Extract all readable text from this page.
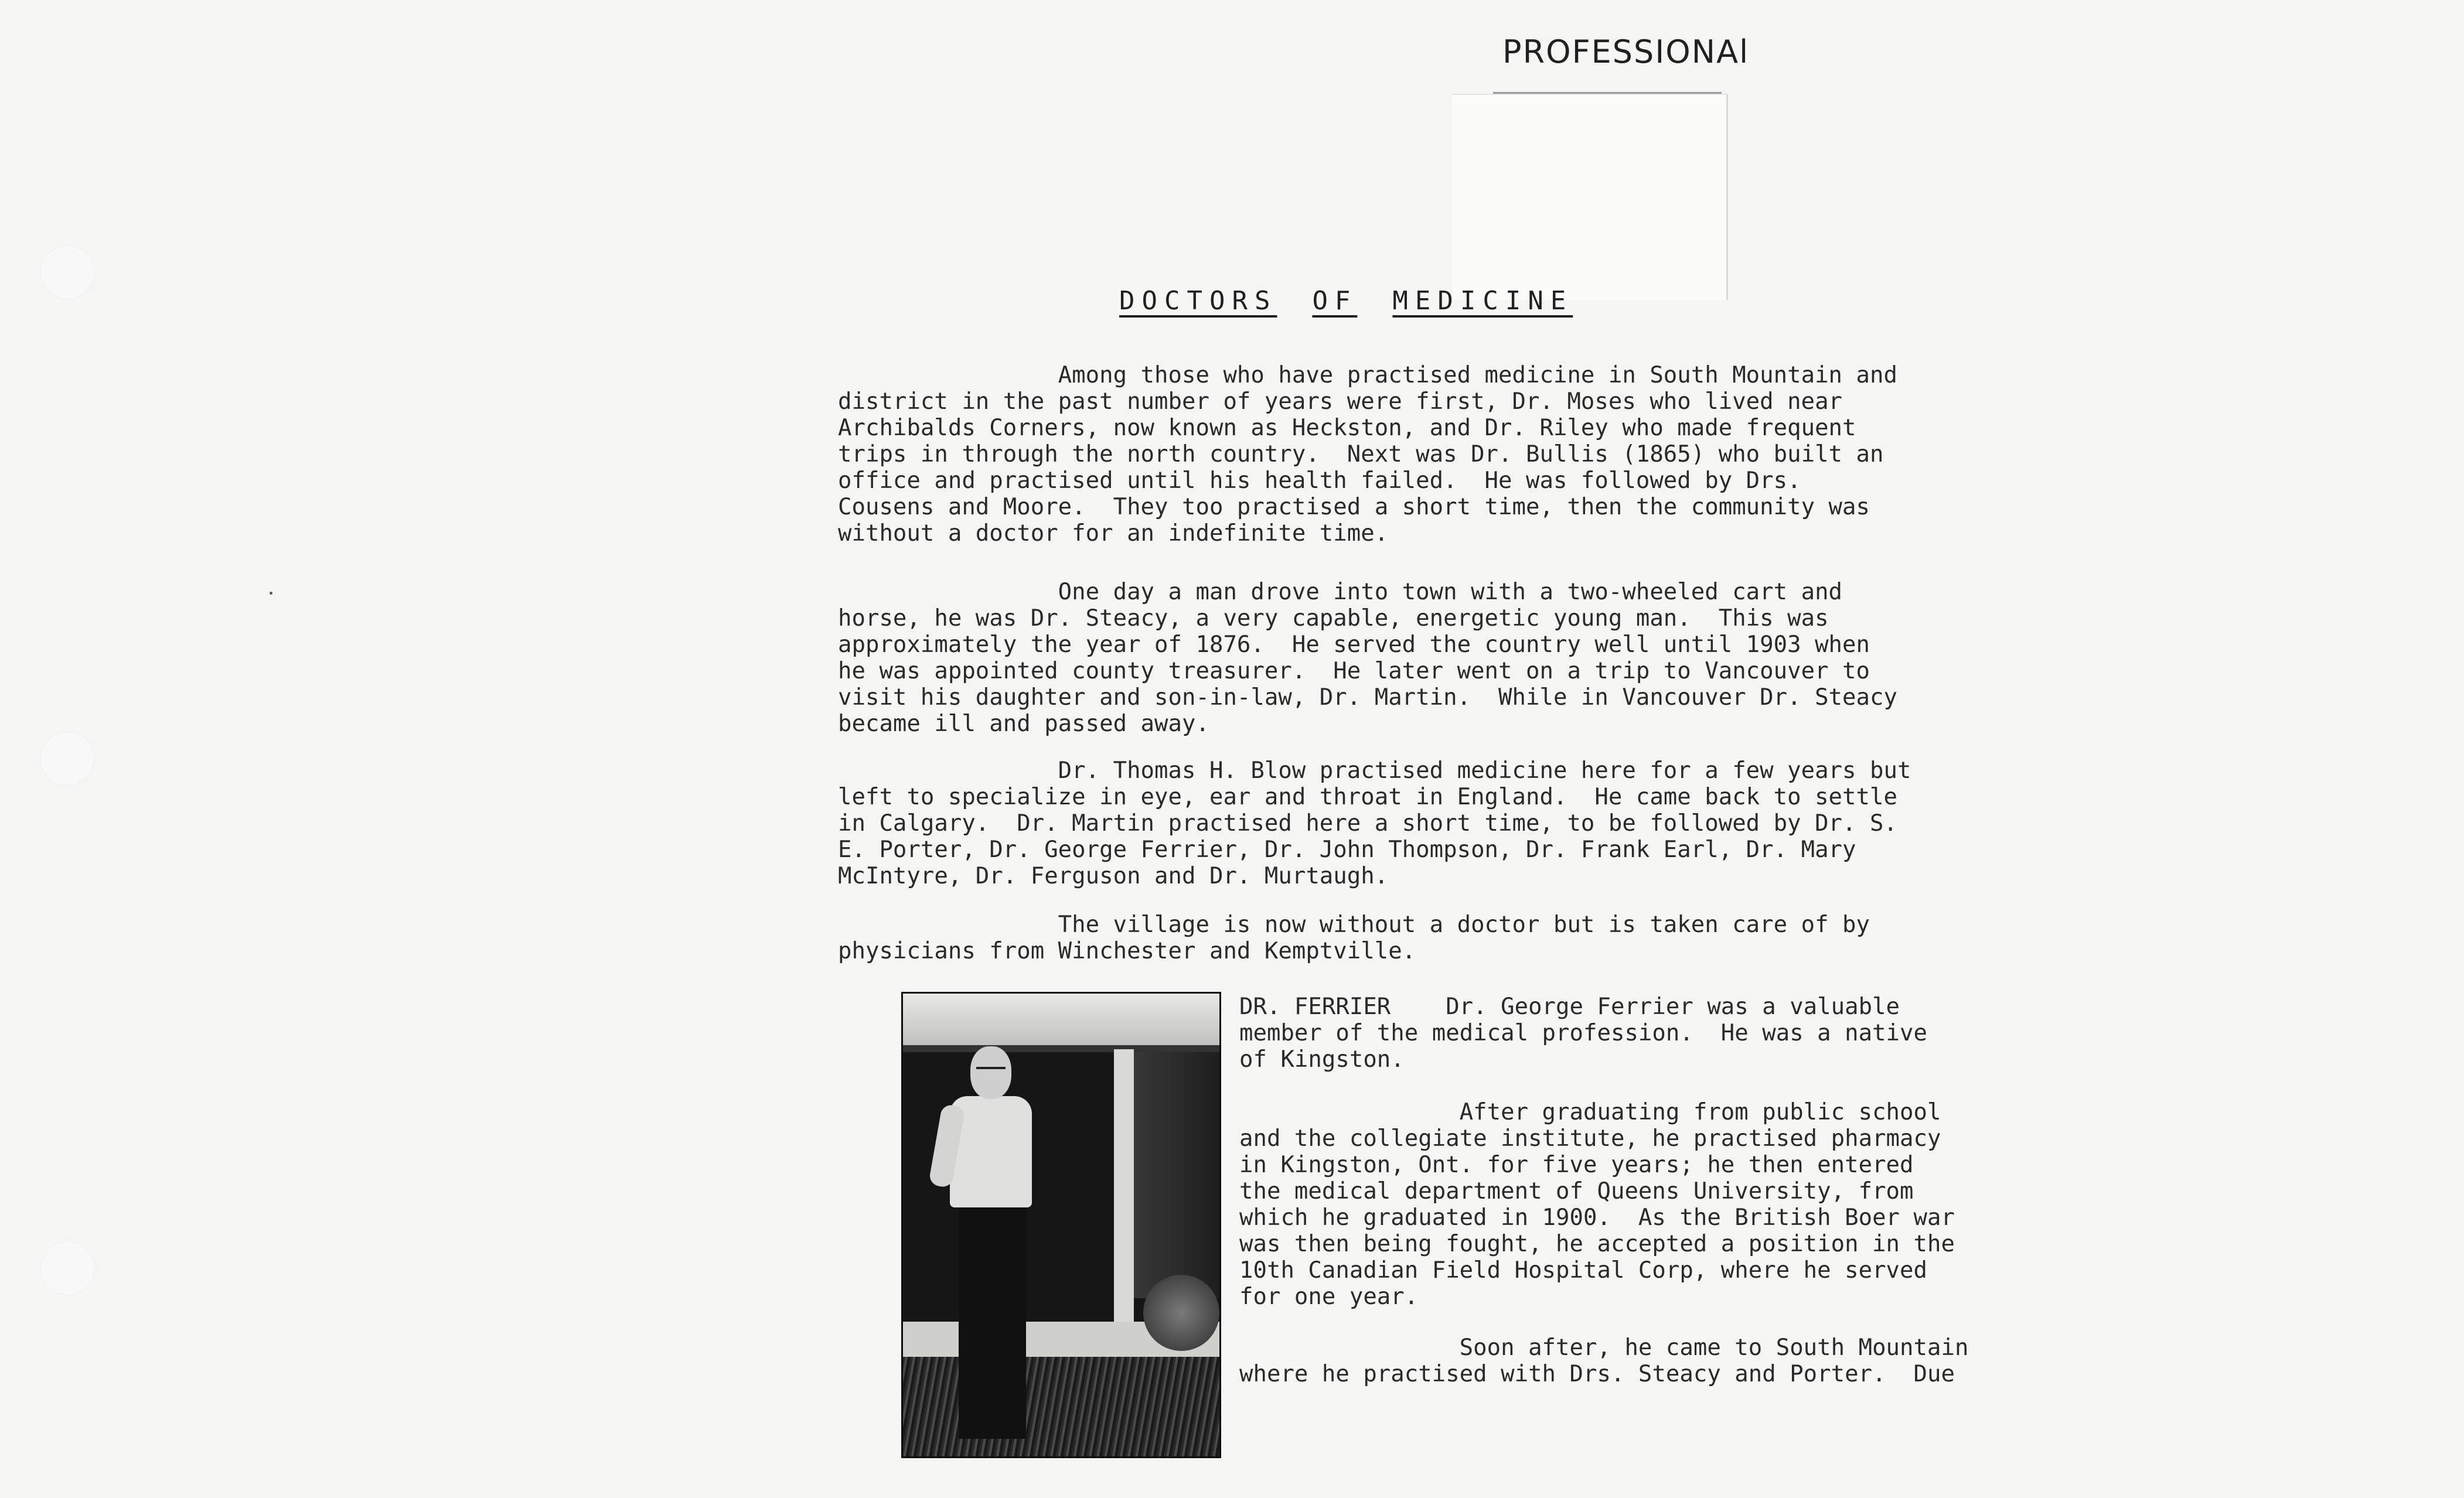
PROFESSIONAl
DOCTORS OF MEDICINE

Among those who have practised medicine in South Mountain and
district in the past number of years were first, Dr. Moses who lived near
Archibalds Corners, now known as Heckston, and Dr. Riley who made frequent
trips in through the north country.  Next was Dr. Bullis (1865) who built an
office and practised until his health failed.  He was followed by Drs.
Cousens and Moore.  They too practised a short time, then the community was
without a doctor for an indefinite time.

One day a man drove into town with a two-wheeled cart and
horse, he was Dr. Steacy, a very capable, energetic young man.  This was
approximately the year of 1876.  He served the country well until 1903 when
he was appointed county treasurer.  He later went on a trip to Vancouver to
visit his daughter and son-in-law, Dr. Martin.  While in Vancouver Dr. Steacy
became ill and passed away.

Dr. Thomas H. Blow practised medicine here for a few years but
left to specialize in eye, ear and throat in England.  He came back to settle
in Calgary.  Dr. Martin practised here a short time, to be followed by Dr. S.
E. Porter, Dr. George Ferrier, Dr. John Thompson, Dr. Frank Earl, Dr. Mary
McIntyre, Dr. Ferguson and Dr. Murtaugh.

The village is now without a doctor but is taken care of by
physicians from Winchester and Kemptville.

DR. FERRIER    Dr. George Ferrier was a valuable
member of the medical profession.  He was a native
of Kingston.

After graduating from public school
and the collegiate institute, he practised pharmacy
in Kingston, Ont. for five years; he then entered
the medical department of Queens University, from
which he graduated in 1900.  As the British Boer war
was then being fought, he accepted a position in the
10th Canadian Field Hospital Corp, where he served
for one year.

Soon after, he came to South Mountain
where he practised with Drs. Steacy and Porter.  Due
